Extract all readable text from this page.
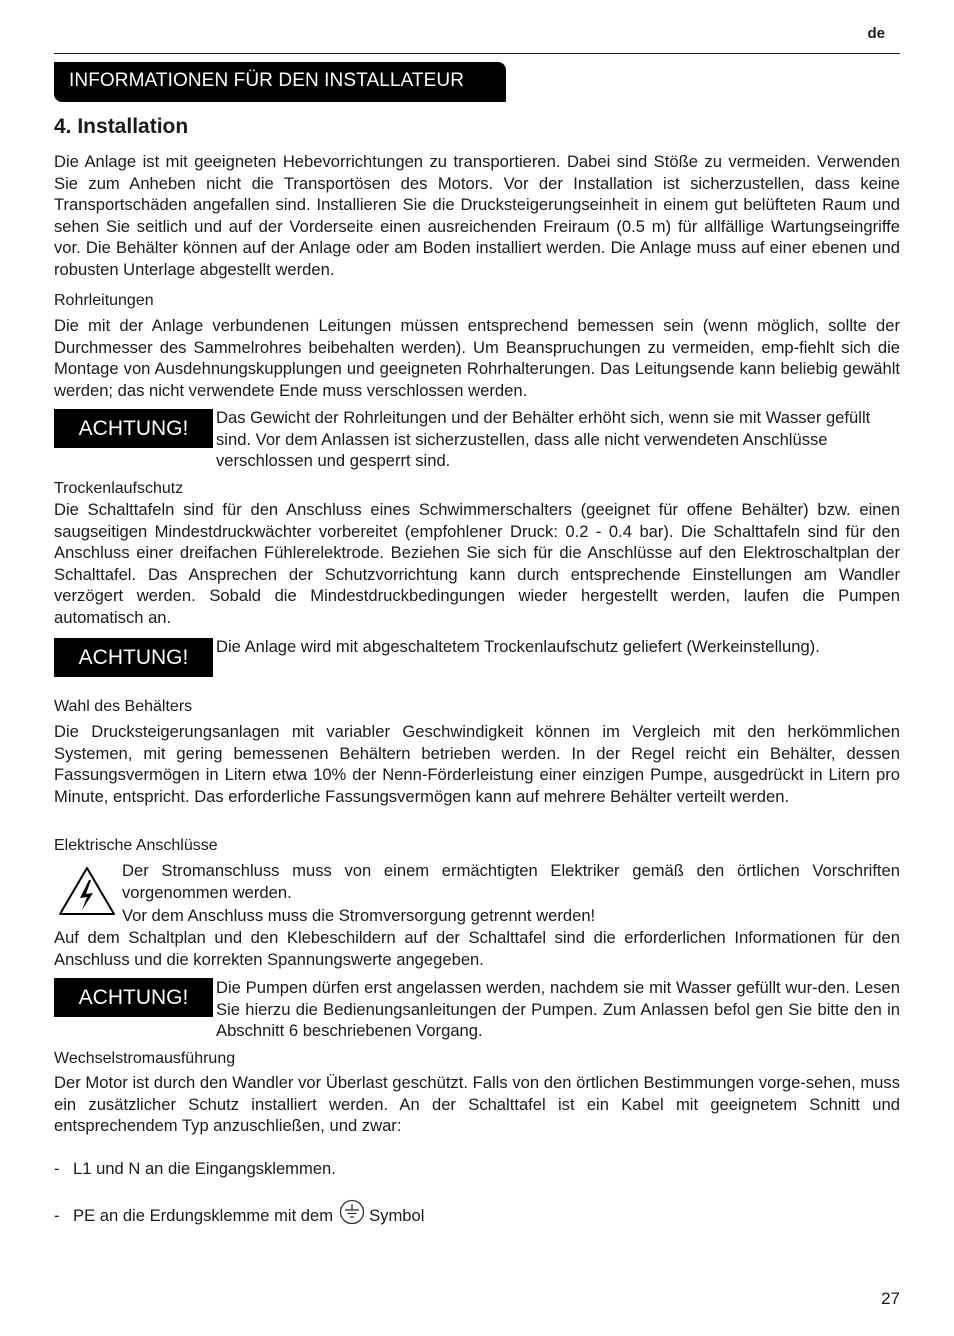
de
INFORMATIONEN FÜR DEN INSTALLATEUR
4. Installation
Die Anlage ist mit geeigneten Hebevorrichtungen zu transportieren. Dabei sind Stöße zu vermeiden. Verwenden Sie zum Anheben nicht die Transportösen des Motors. Vor der Installation ist sicherzustellen, dass keine Transportschäden angefallen sind. Installieren Sie die Drucksteigerungseinheit in einem gut belüfteten Raum und sehen Sie seitlich und auf der Vorderseite einen ausreichenden Freiraum (0.5 m) für allfällige Wartungseingriffe vor. Die Behälter können auf der Anlage oder am Boden installiert werden. Die Anlage muss auf einer ebenen und robusten Unterlage abgestellt werden.
Rohrleitungen
Die mit der Anlage verbundenen Leitungen müssen entsprechend bemessen sein (wenn möglich, sollte der Durchmesser des Sammelrohres beibehalten werden). Um Beanspruchungen zu vermeiden, emp-fiehlt sich die Montage von Ausdehnungskupplungen und geeigneten Rohrhalterungen. Das Leitungsende kann beliebig gewählt werden; das nicht verwendete Ende muss verschlossen werden.
ACHTUNG!	Das Gewicht der Rohrleitungen und der Behälter erhöht sich, wenn sie mit Wasser gefüllt sind. Vor dem Anlassen ist sicherzustellen, dass alle nicht verwendeten Anschlüsse verschlossen und gesperrt sind.
Trockenlaufschutz
Die Schalttafeln sind für den Anschluss eines Schwimmerschalters (geeignet für offene Behälter) bzw. einen saugseitigen Mindestdruckwächter vorbereitet (empfohlener Druck: 0.2 - 0.4 bar). Die Schalttafeln sind für den Anschluss einer dreifachen Fühlerelektrode. Beziehen Sie sich für die Anschlüsse auf den Elektroschaltplan der Schalttafel. Das Ansprechen der Schutzvorrichtung kann durch entsprechende Einstellungen am Wandler verzögert werden. Sobald die Mindestdruckbedingungen wieder hergestellt werden, laufen die Pumpen automatisch an.
ACHTUNG!	Die Anlage wird mit abgeschaltetem Trockenlaufschutz geliefert (Werkeinstellung).
Wahl des Behälters
Die Drucksteigerungsanlagen mit variabler Geschwindigkeit können im Vergleich mit den herkömmlichen Systemen, mit gering bemessenen Behältern betrieben werden. In der Regel reicht ein Behälter, dessen Fassungsvermögen in Litern etwa 10% der Nenn-Förderleistung einer einzigen Pumpe, ausgedrückt in Litern pro Minute, entspricht. Das erforderliche Fassungsvermögen kann auf mehrere Behälter verteilt werden.
Elektrische Anschlüsse
Der Stromanschluss muss von einem ermächtigten Elektriker gemäß den örtlichen Vorschriften vorgenommen werden.
Vor dem Anschluss muss die Stromversorgung getrennt werden!
Auf dem Schaltplan und den Klebeschildern auf der Schalttafel sind die erforderlichen Informationen für den Anschluss und die korrekten Spannungswerte angegeben.
ACHTUNG!	Die Pumpen dürfen erst angelassen werden, nachdem sie mit Wasser gefüllt wur-den. Lesen Sie hierzu die Bedienungsanleitungen der Pumpen. Zum Anlassen befol gen Sie bitte den in Abschnitt 6 beschriebenen Vorgang.
Wechselstromausführung
Der Motor ist durch den Wandler vor Überlast geschützt. Falls von den örtlichen Bestimmungen vorge-sehen, muss ein zusätzlicher Schutz installiert werden. An der Schalttafel ist ein Kabel mit geeignetem Schnitt und entsprechendem Typ anzuschließen, und zwar:
- L1 und N an die Eingangsklemmen.
- PE an die Erdungsklemme mit dem Symbol
27
